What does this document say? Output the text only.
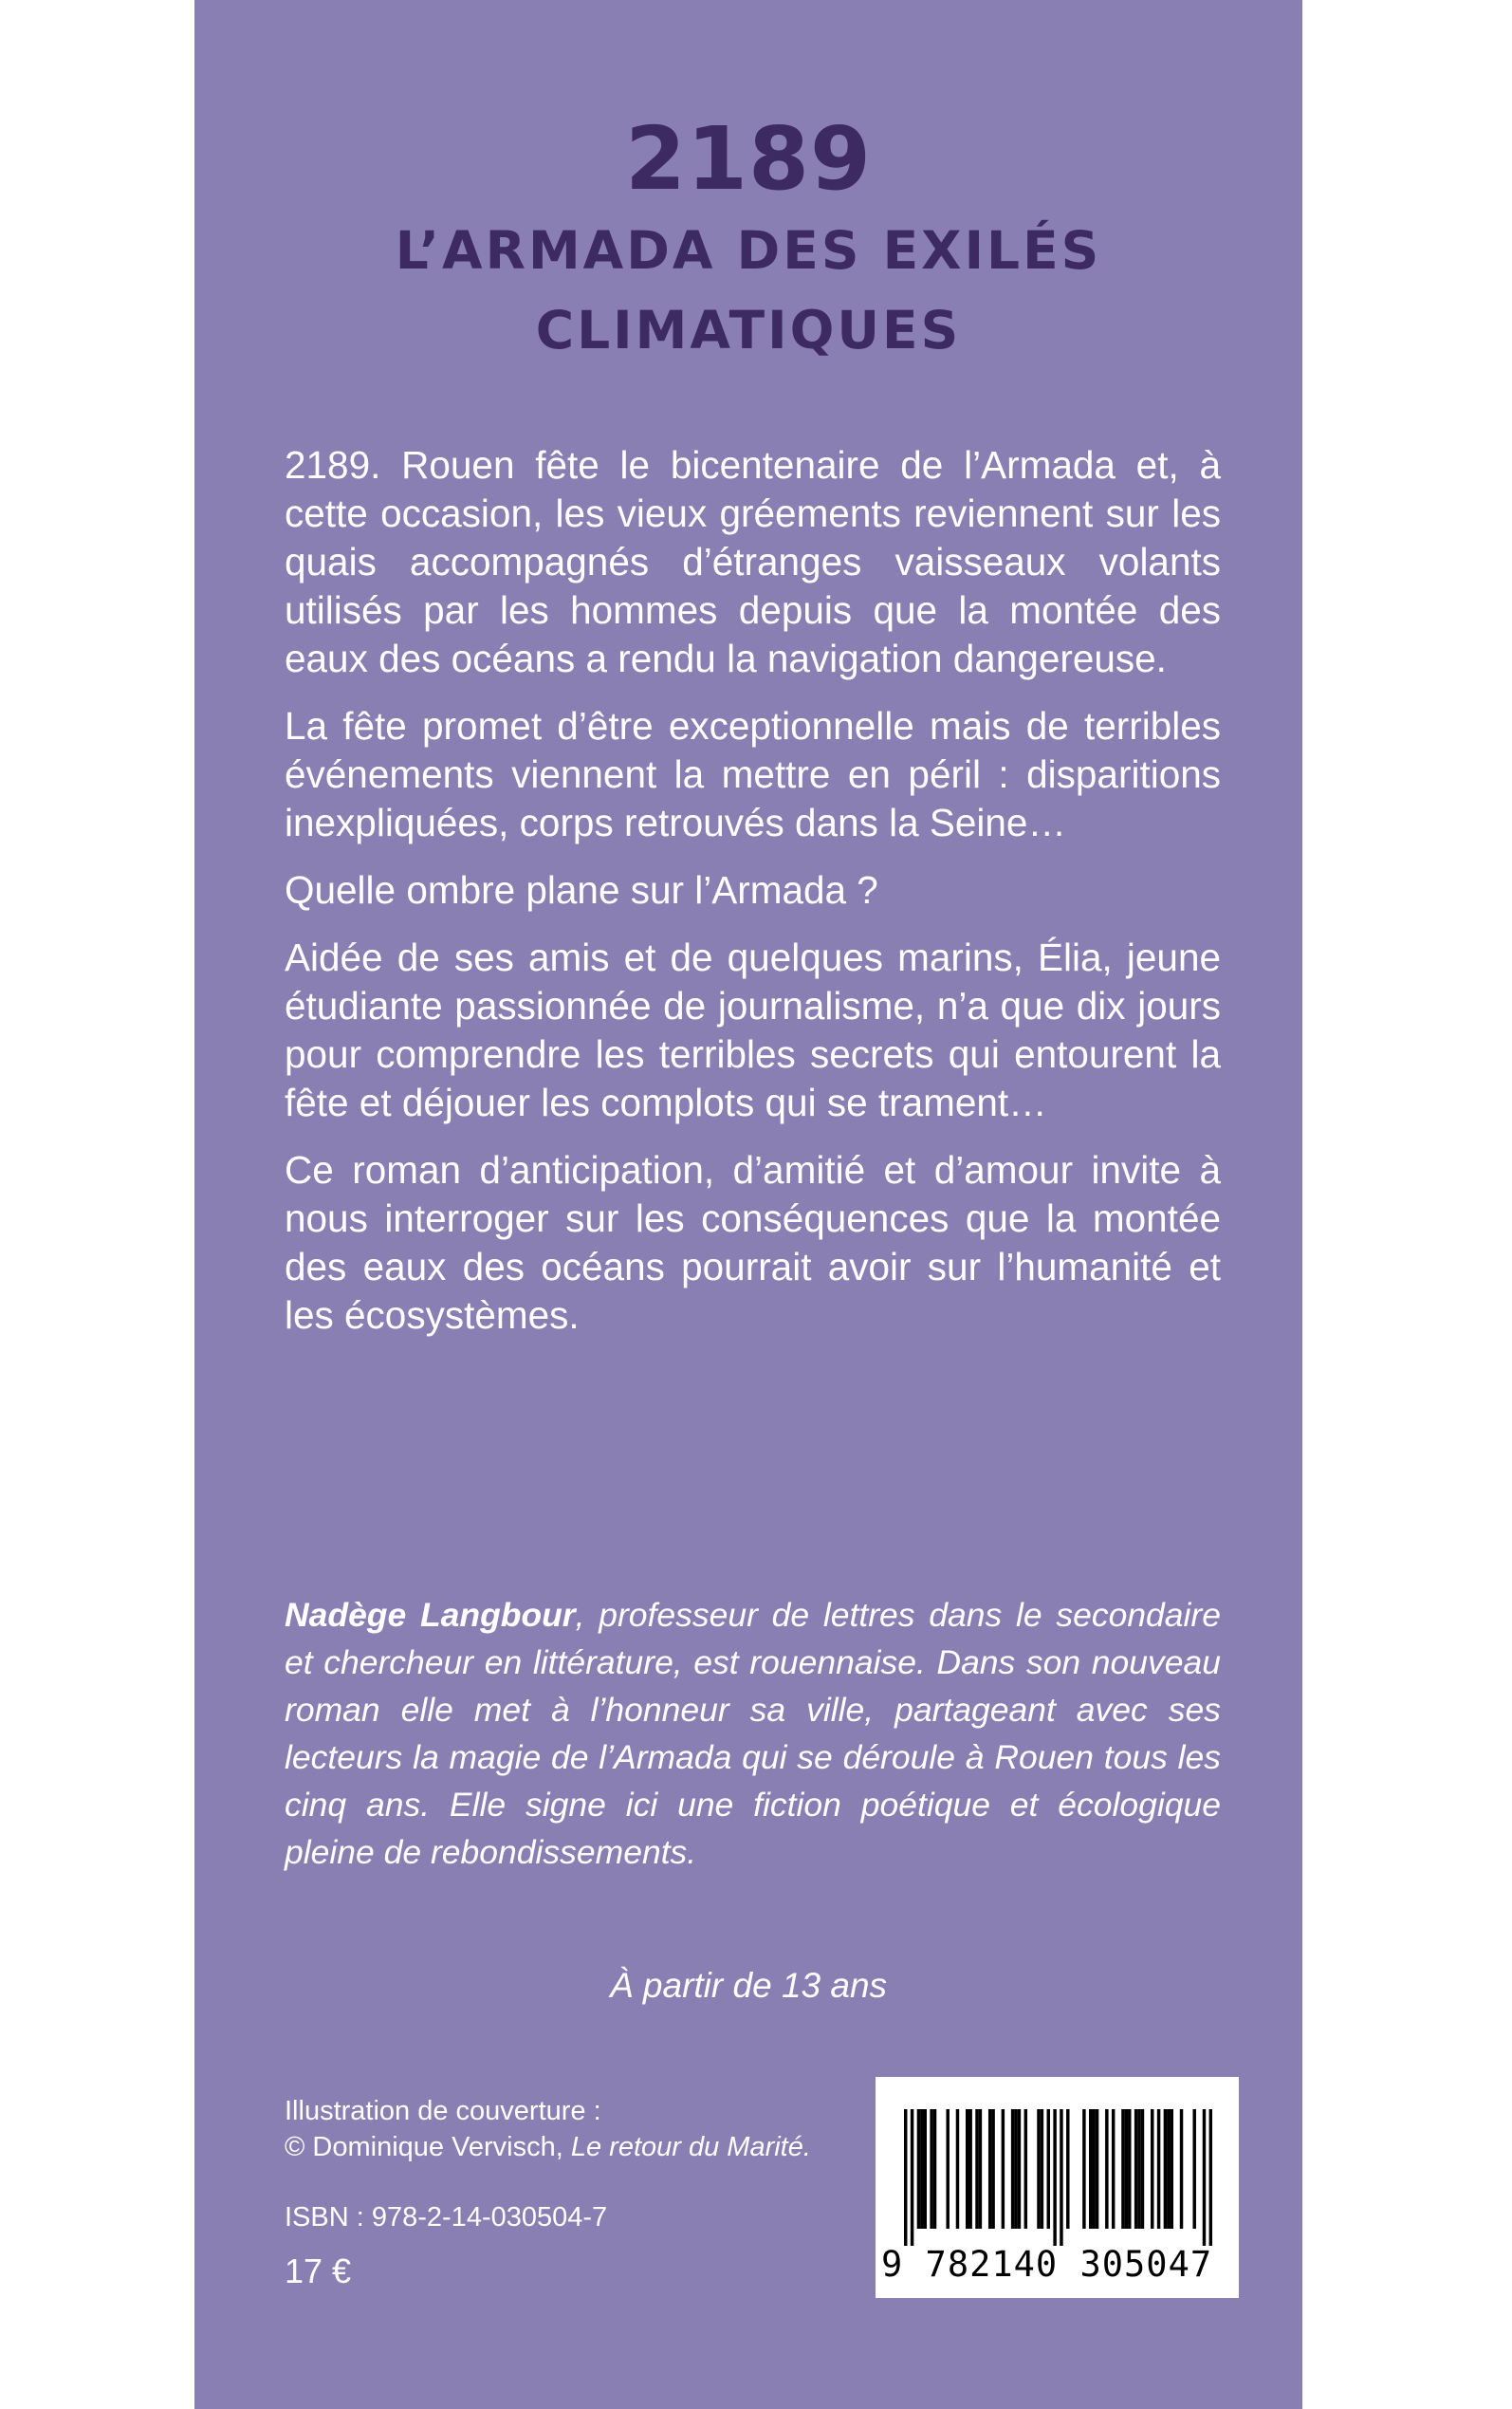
2189
L’ARMADA DES EXILÉS
CLIMATIQUES

2189. Rouen fête le bicentenaire de l’Armada et, à cette occasion, les vieux gréements reviennent sur les quais accompagnés d’étranges vaisseaux volants utilisés par les hommes depuis que la montée des eaux des océans a rendu la navigation dangereuse.

La fête promet d’être exceptionnelle mais de terribles événements viennent la mettre en péril : disparitions inexpliquées, corps retrouvés dans la Seine…

Quelle ombre plane sur l’Armada ?

Aidée de ses amis et de quelques marins, Élia, jeune étudiante passionnée de journalisme, n’a que dix jours pour comprendre les terribles secrets qui entourent la fête et déjouer les complots qui se trament…

Ce roman d’anticipation, d’amitié et d’amour invite à nous interroger sur les conséquences que la montée des eaux des océans pourrait avoir sur l’humanité et les écosystèmes.

Nadège Langbour, professeur de lettres dans le secondaire et chercheur en littérature, est rouennaise. Dans son nouveau roman elle met à l’honneur sa ville, partageant avec ses lecteurs la magie de l’Armada qui se déroule à Rouen tous les cinq ans. Elle signe ici une fiction poétique et écologique pleine de rebondissements.

À partir de 13 ans
Illustration de couverture :
© Dominique Vervisch, Le retour du Marité.
ISBN : 978-2-14-030504-7
17 €	9 782140 305047
